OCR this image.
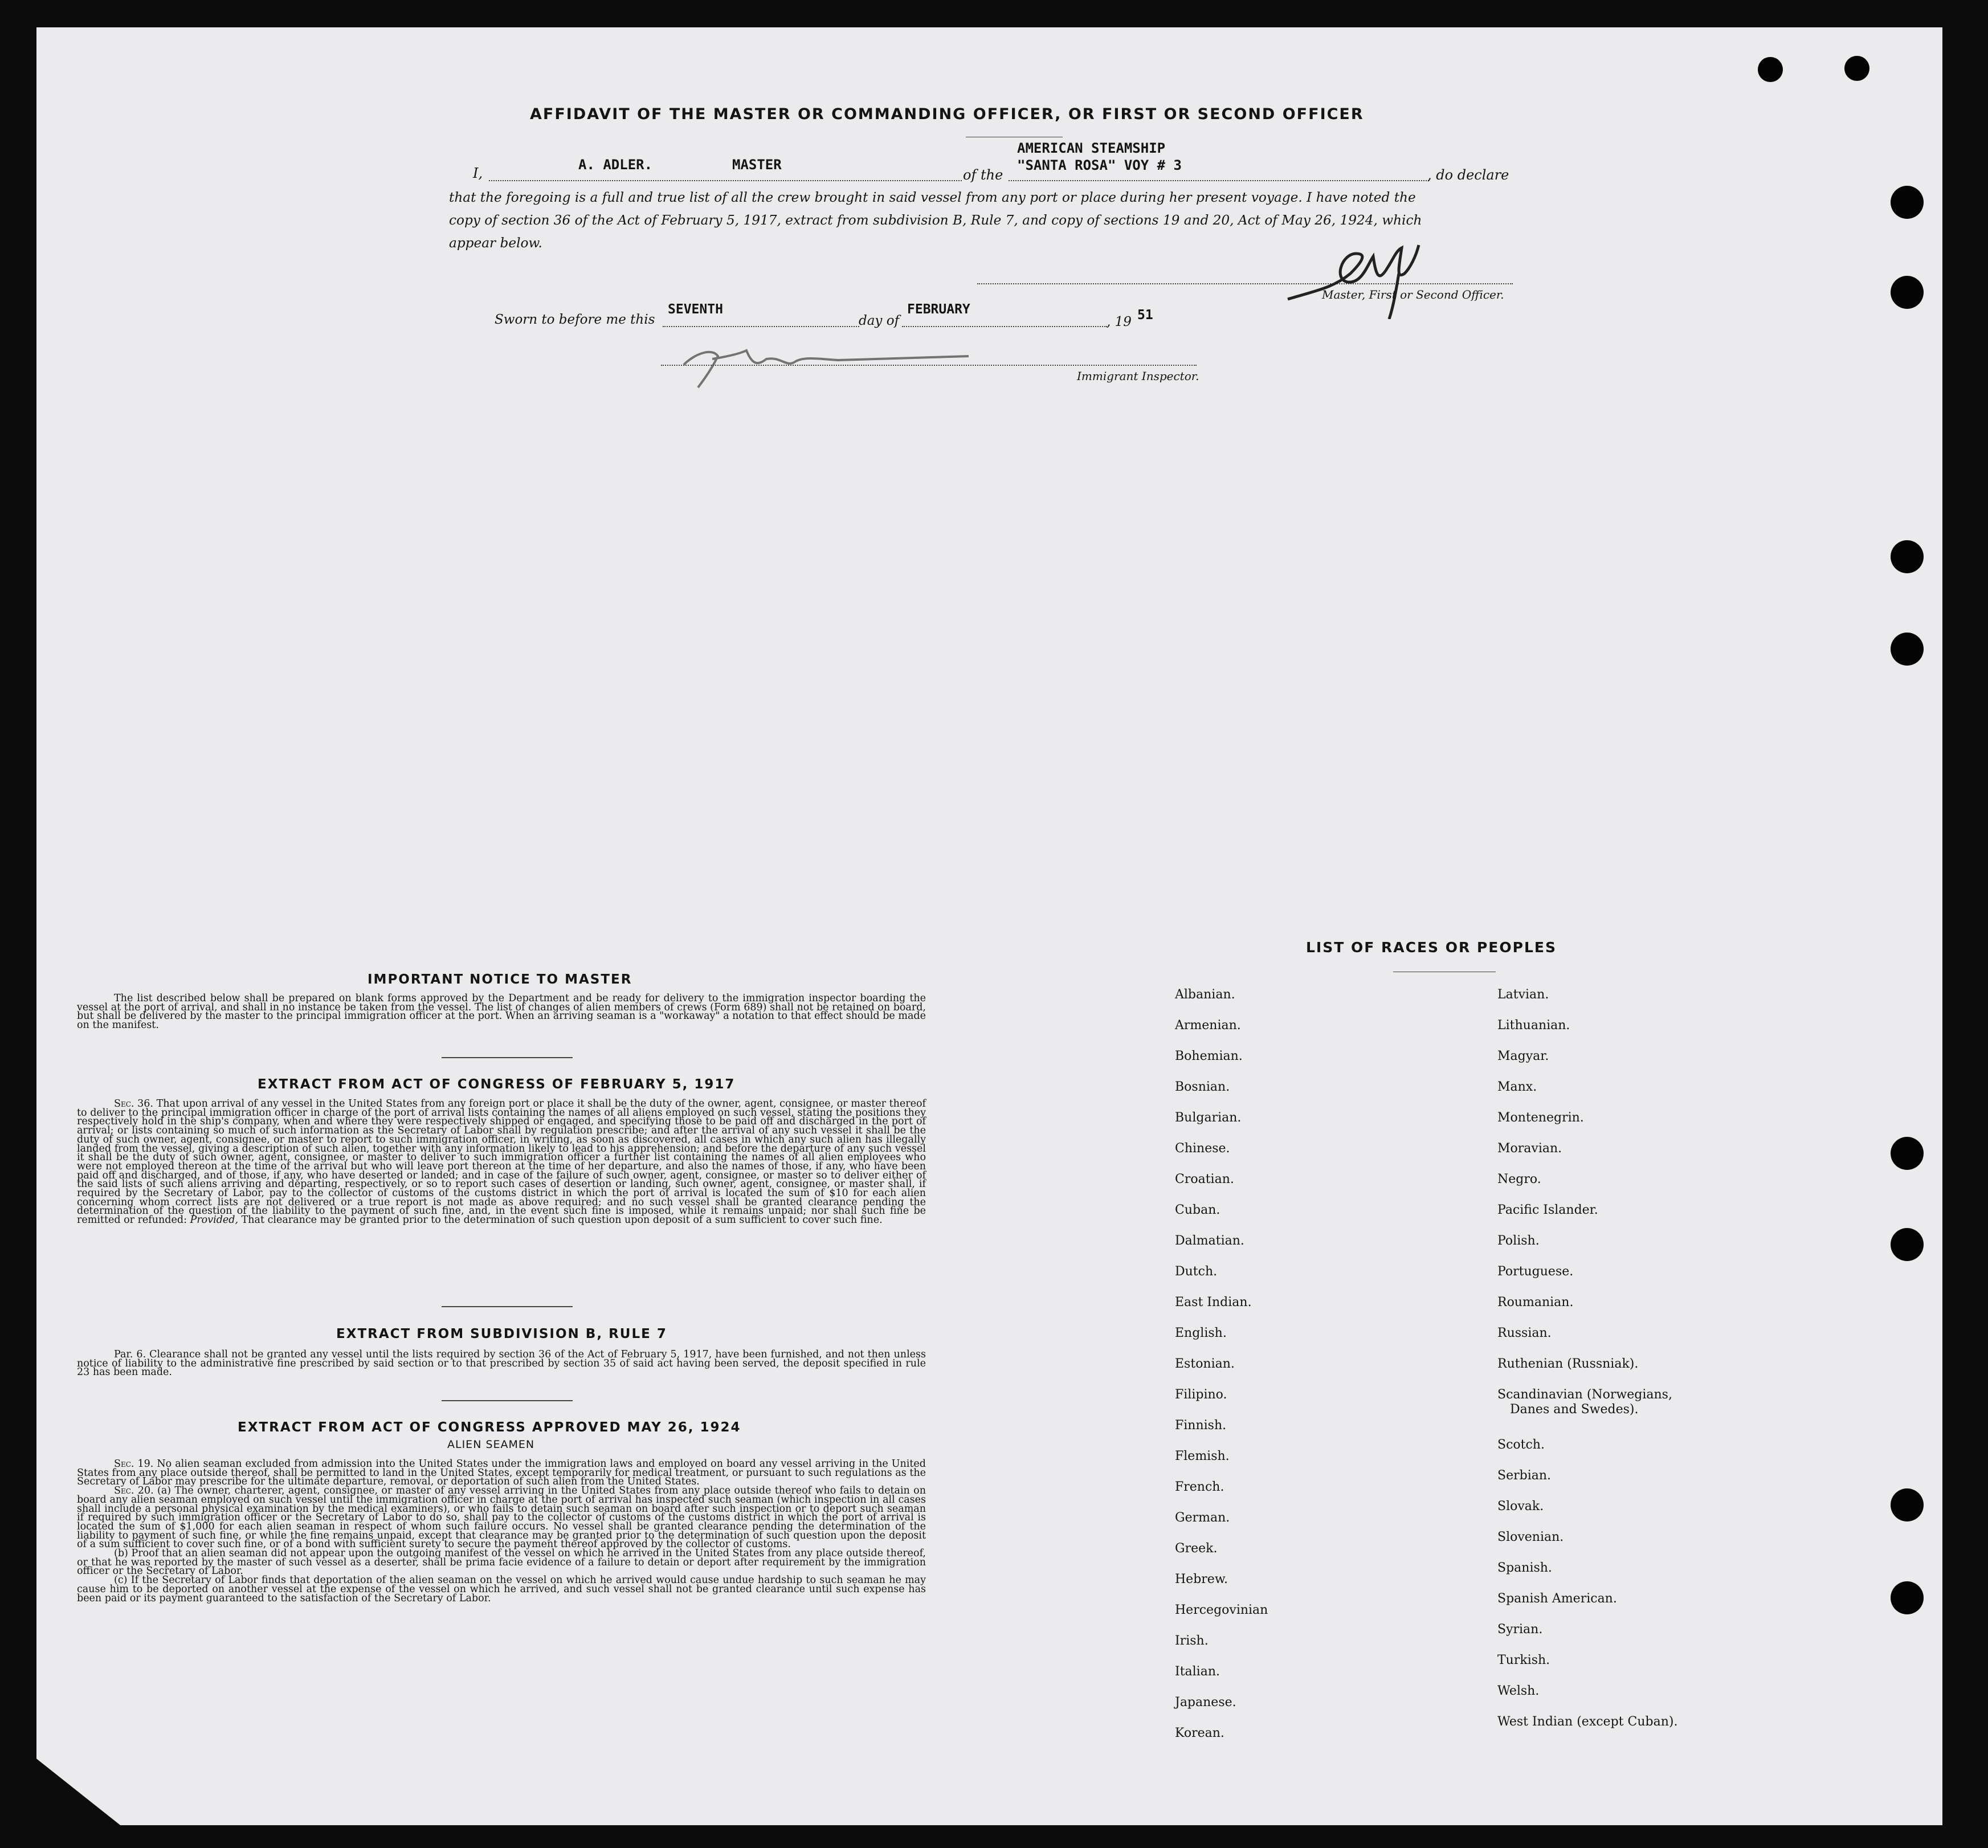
AFFIDAVIT OF THE MASTER OR COMMANDING OFFICER, OR FIRST OR SECOND OFFICER
I,
A. ADLER.	MASTER
of the
AMERICAN STEAMSHIP
"SANTA ROSA" VOY # 3
, do declare
that the foregoing is a full and true list of all the crew brought in said vessel from any port or place during her present voyage. I have noted the
copy of section 36 of the Act of February 5, 1917, extract from subdivision B, Rule 7, and copy of sections 19 and 20, Act of May 26, 1924, which
appear below.
Master, First or Second Officer.
Sworn to before me this
SEVENTH
day of
FEBRUARY
, 19 51
Immigrant Inspector.
IMPORTANT NOTICE TO MASTER
The list described below shall be prepared on blank forms approved by the Department and be ready for delivery to the immigration inspector boarding the vessel at the port of arrival, and shall in no instance be taken from the vessel. The list of changes of alien members of crews (Form 689) shall not be retained on board, but shall be delivered by the master to the principal immigration officer at the port. When an arriving seaman is a "workaway" a notation to that effect should be made on the manifest.
EXTRACT FROM ACT OF CONGRESS OF FEBRUARY 5, 1917
Sec. 36. That upon arrival of any vessel in the United States from any foreign port or place it shall be the duty of the owner, agent, consignee, or master thereof to deliver to the principal immigration officer in charge of the port of arrival lists containing the names of all aliens employed on such vessel, stating the positions they respectively hold in the ship's company, when and where they were respectively shipped or engaged, and specifying those to be paid off and discharged in the port of arrival; or lists containing so much of such information as the Secretary of Labor shall by regulation prescribe; and after the arrival of any such vessel it shall be the duty of such owner, agent, consignee, or master to report to such immigration officer, in writing, as soon as discovered, all cases in which any such alien has illegally landed from the vessel, giving a description of such alien, together with any information likely to lead to his apprehension; and before the departure of any such vessel it shall be the duty of such owner, agent, consignee, or master to deliver to such immigration officer a further list containing the names of all alien employees who were not employed thereon at the time of the arrival but who will leave port thereon at the time of her departure, and also the names of those, if any, who have been paid off and discharged, and of those, if any, who have deserted or landed; and in case of the failure of such owner, agent, consignee, or master so to deliver either of the said lists of such aliens arriving and departing, respectively, or so to report such cases of desertion or landing, such owner, agent, consignee, or master shall, if required by the Secretary of Labor, pay to the collector of customs of the customs district in which the port of arrival is located the sum of $10 for each alien concerning whom correct lists are not delivered or a true report is not made as above required; and no such vessel shall be granted clearance pending the determination of the question of the liability to the payment of such fine, and, in the event such fine is imposed, while it remains unpaid; nor shall such fine be remitted or refunded: Provided, That clearance may be granted prior to the determination of such question upon deposit of a sum sufficient to cover such fine.
EXTRACT FROM SUBDIVISION B, RULE 7
Par. 6. Clearance shall not be granted any vessel until the lists required by section 36 of the Act of February 5, 1917, have been furnished, and not then unless notice of liability to the administrative fine prescribed by said section or to that prescribed by section 35 of said act having been served, the deposit specified in rule 23 has been made.
EXTRACT FROM ACT OF CONGRESS APPROVED MAY 26, 1924
ALIEN SEAMEN
Sec. 19. No alien seaman excluded from admission into the United States under the immigration laws and employed on board any vessel arriving in the United States from any place outside thereof, shall be permitted to land in the United States, except temporarily for medical treatment, or pursuant to such regulations as the Secretary of Labor may prescribe for the ultimate departure, removal, or deportation of such alien from the United States.
Sec. 20. (a) The owner, charterer, agent, consignee, or master of any vessel arriving in the United States from any place outside thereof who fails to detain on board any alien seaman employed on such vessel until the immigration officer in charge at the port of arrival has inspected such seaman (which inspection in all cases shall include a personal physical examination by the medical examiners), or who fails to detain such seaman on board after such inspection or to deport such seaman if required by such immigration officer or the Secretary of Labor to do so, shall pay to the collector of customs of the customs district in which the port of arrival is located the sum of $1,000 for each alien seaman in respect of whom such failure occurs. No vessel shall be granted clearance pending the determination of the liability to payment of such fine, or while the fine remains unpaid, except that clearance may be granted prior to the determination of such question upon the deposit of a sum sufficient to cover such fine, or of a bond with sufficient surety to secure the payment thereof approved by the collector of customs.
(b) Proof that an alien seaman did not appear upon the outgoing manifest of the vessel on which he arrived in the United States from any place outside thereof, or that he was reported by the master of such vessel as a deserter, shall be prima facie evidence of a failure to detain or deport after requirement by the immigration officer or the Secretary of Labor.
(c) If the Secretary of Labor finds that deportation of the alien seaman on the vessel on which he arrived would cause undue hardship to such seaman he may cause him to be deported on another vessel at the expense of the vessel on which he arrived, and such vessel shall not be granted clearance until such expense has been paid or its payment guaranteed to the satisfaction of the Secretary of Labor.
LIST OF RACES OR PEOPLES
Albanian.
Armenian.
Bohemian.
Bosnian.
Bulgarian.
Chinese.
Croatian.
Cuban.
Dalmatian.
Dutch.
East Indian.
English.
Estonian.
Filipino.
Finnish.
Flemish.
French.
German.
Greek.
Hebrew.
Hercegovinian
Irish.
Italian.
Japanese.
Korean.
Latvian.
Lithuanian.
Magyar.
Manx.
Montenegrin.
Moravian.
Negro.
Pacific Islander.
Polish.
Portuguese.
Roumanian.
Russian.
Ruthenian (Russniak).
Scandinavian (Norwegians,
Danes and Swedes).
Scotch.
Serbian.
Slovak.
Slovenian.
Spanish.
Spanish American.
Syrian.
Turkish.
Welsh.
West Indian (except Cuban).
